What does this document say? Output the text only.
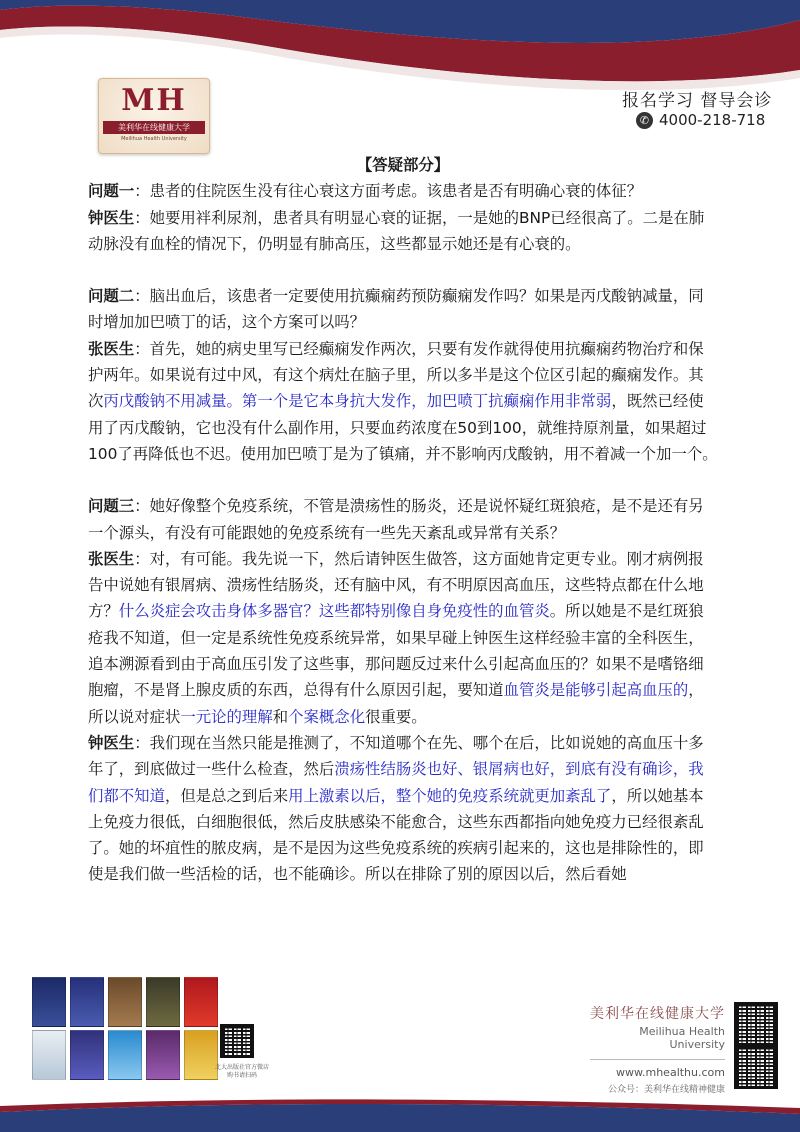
MH
美利华在线健康大学
Meilihua Health University
报名学习 督导会诊
✆ 4000-218-718

【答疑部分】

问题一：患者的住院医生没有往心衰这方面考虑。该患者是否有明确心衰的体征？

钟医生：她要用袢利尿剂，患者具有明显心衰的证据，一是她的BNP已经很高了。二是在肺动脉没有血栓的情况下，仍明显有肺高压，这些都显示她还是有心衰的。

问题二：脑出血后，该患者一定要使用抗癫痫药预防癫痫发作吗？如果是丙戊酸钠减量，同时增加加巴喷丁的话，这个方案可以吗？

张医生：首先，她的病史里写已经癫痫发作两次，只要有发作就得使用抗癫痫药物治疗和保护两年。如果说有过中风，有这个病灶在脑子里，所以多半是这个位区引起的癫痫发作。其次丙戊酸钠不用减量。第一个是它本身抗大发作，加巴喷丁抗癫痫作用非常弱，既然已经使用了丙戊酸钠，它也没有什么副作用，只要血药浓度在50到100，就维持原剂量，如果超过100了再降低也不迟。使用加巴喷丁是为了镇痛，并不影响丙戊酸钠，用不着减一个加一个。

问题三：她好像整个免疫系统，不管是溃疡性的肠炎，还是说怀疑红斑狼疮，是不是还有另一个源头，有没有可能跟她的免疫系统有一些先天紊乱或异常有关系？

张医生：对，有可能。我先说一下，然后请钟医生做答，这方面她肯定更专业。刚才病例报告中说她有银屑病、溃疡性结肠炎，还有脑中风，有不明原因高血压，这些特点都在什么地方？什么炎症会攻击身体多器官？这些都特别像自身免疫性的血管炎。所以她是不是红斑狼疮我不知道，但一定是系统性免疫系统异常，如果早碰上钟医生这样经验丰富的全科医生，追本溯源看到由于高血压引发了这些事，那问题反过来什么引起高血压的？如果不是嗜铬细胞瘤，不是肾上腺皮质的东西，总得有什么原因引起，要知道血管炎是能够引起高血压的，所以说对症状一元论的理解和个案概念化很重要。

钟医生：我们现在当然只能是推测了，不知道哪个在先、哪个在后，比如说她的高血压十多年了，到底做过一些什么检查，然后溃疡性结肠炎也好、银屑病也好，到底有没有确诊，我们都不知道，但是总之到后来用上激素以后，整个她的免疫系统就更加紊乱了，所以她基本上免疫力很低，白细胞很低，然后皮肤感染不能愈合，这些东西都指向她免疫力已经很紊乱了。她的坏疽性的脓皮病，是不是因为这些免疫系统的疾病引起来的，这也是排除性的，即使是我们做一些活检的话，也不能确诊。所以在排除了别的原因以后，然后看她

北大出版社官方微店 购书请扫码
美利华在线健康大学
Meilihua Health University
www.mhealthu.com
公众号：美利华在线精神健康
